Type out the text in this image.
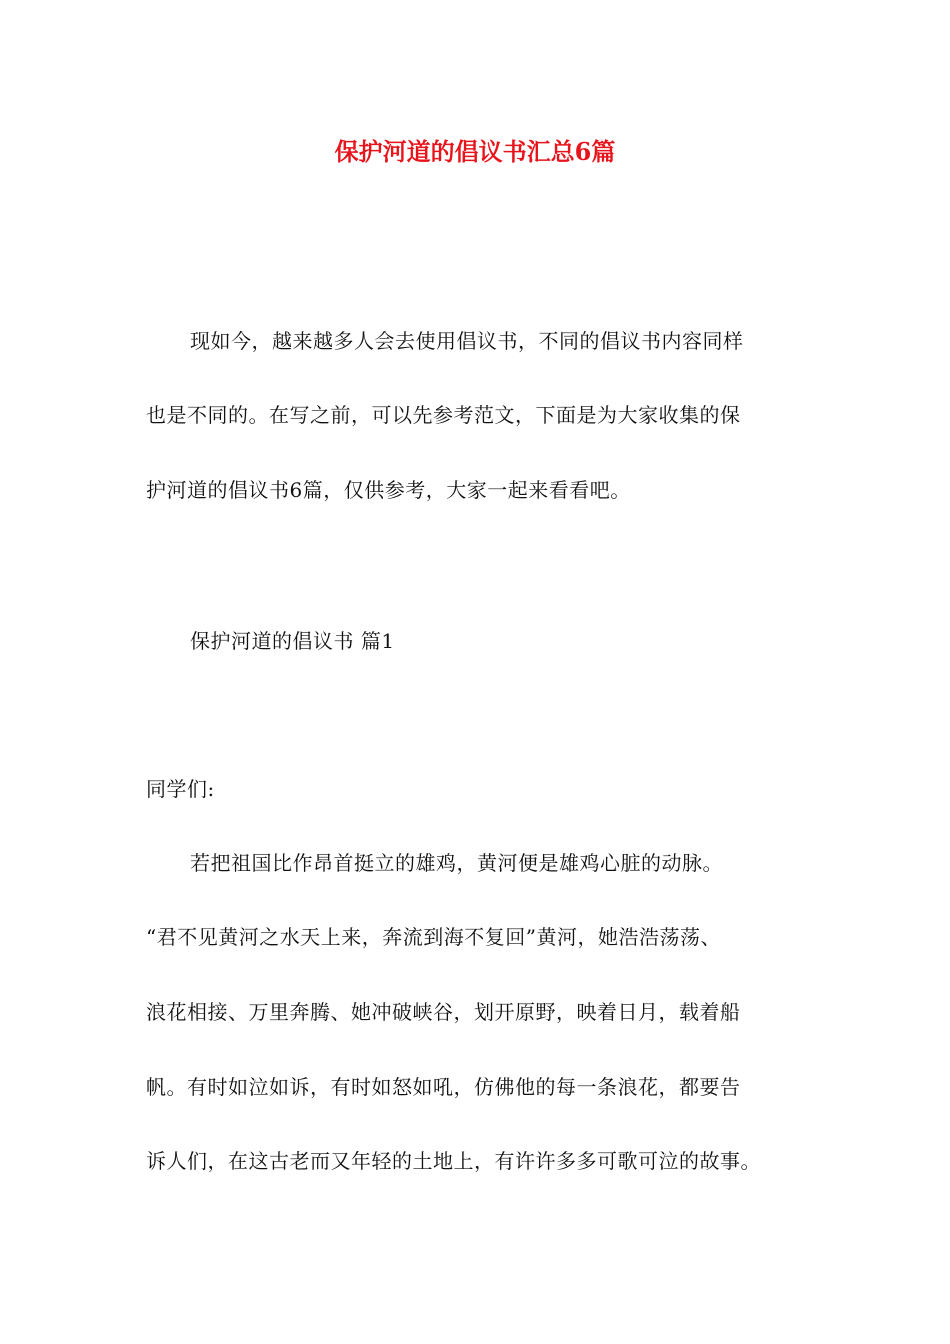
保护河道的倡议书汇总6篇
现如今，越来越多人会去使用倡议书，不同的倡议书内容同样
也是不同的。在写之前，可以先参考范文，下面是为大家收集的保
护河道的倡议书6篇，仅供参考，大家一起来看看吧。
保护河道的倡议书 篇1
同学们:
若把祖国比作昂首挺立的雄鸡，黄河便是雄鸡心脏的动脉。
“君不见黄河之水天上来，奔流到海不复回”黄河，她浩浩荡荡、
浪花相接、万里奔腾、她冲破峡谷，划开原野，映着日月，载着船
帆。有时如泣如诉，有时如怒如吼，仿佛他的每一条浪花，都要告
诉人们，在这古老而又年轻的土地上，有许许多多可歌可泣的故事。
